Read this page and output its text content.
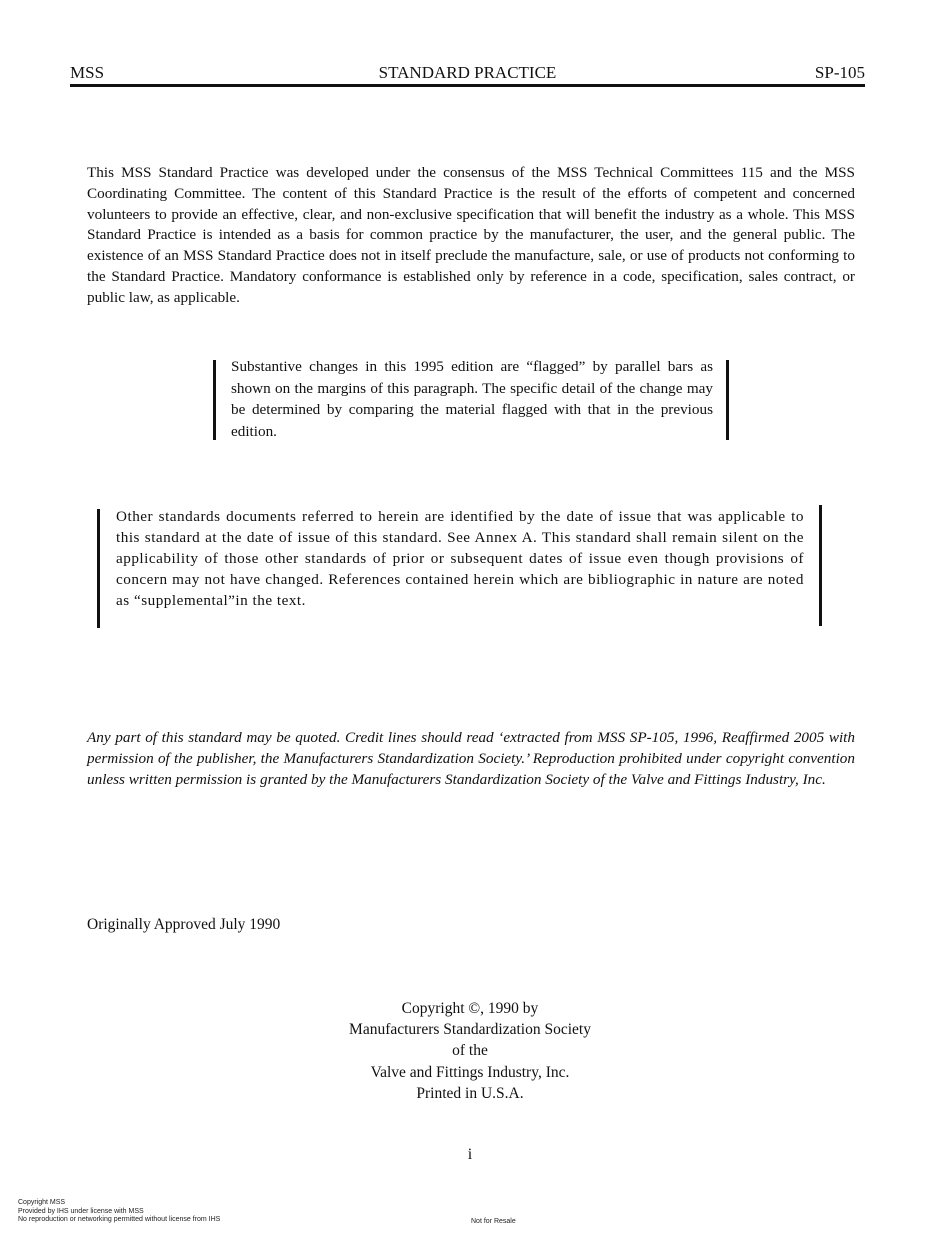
MSS	STANDARD PRACTICE	SP-105
This MSS Standard Practice was developed under the consensus of the MSS Technical Committees 115 and the MSS Coordinating Committee. The content of this Standard Practice is the result of the efforts of competent and concerned volunteers to provide an effective, clear, and non-exclusive specification that will benefit the industry as a whole. This MSS Standard Practice is intended as a basis for common practice by the manufacturer, the user, and the general public. The existence of an MSS Standard Practice does not in itself preclude the manufacture, sale, or use of products not conforming to the Standard Practice. Mandatory conformance is established only by reference in a code, specification, sales contract, or public law, as applicable.
Substantive changes in this 1995 edition are “flagged” by parallel bars as shown on the margins of this paragraph. The specific detail of the change may be determined by comparing the material flagged with that in the previous edition.
Other standards documents referred to herein are identified by the date of issue that was applicable to this standard at the date of issue of this standard. See Annex A. This standard shall remain silent on the applicability of those other standards of prior or subsequent dates of issue even though provisions of concern may not have changed. References contained herein which are bibliographic in nature are noted as “supplemental”in the text.
Any part of this standard may be quoted. Credit lines should read ‘extracted from MSS SP-105, 1996, Reaffirmed 2005 with permission of the publisher, the Manufacturers Standardization Society.’ Reproduction prohibited under copyright convention unless written permission is granted by the Manufacturers Standardization Society of the Valve and Fittings Industry, Inc.
Originally Approved July 1990
Copyright ©, 1990 by
Manufacturers Standardization Society
of the
Valve and Fittings Industry, Inc.
Printed in U.S.A.
i
Copyright MSS
Provided by IHS under license with MSS
No reproduction or networking permitted without license from IHS	Not for Resale
